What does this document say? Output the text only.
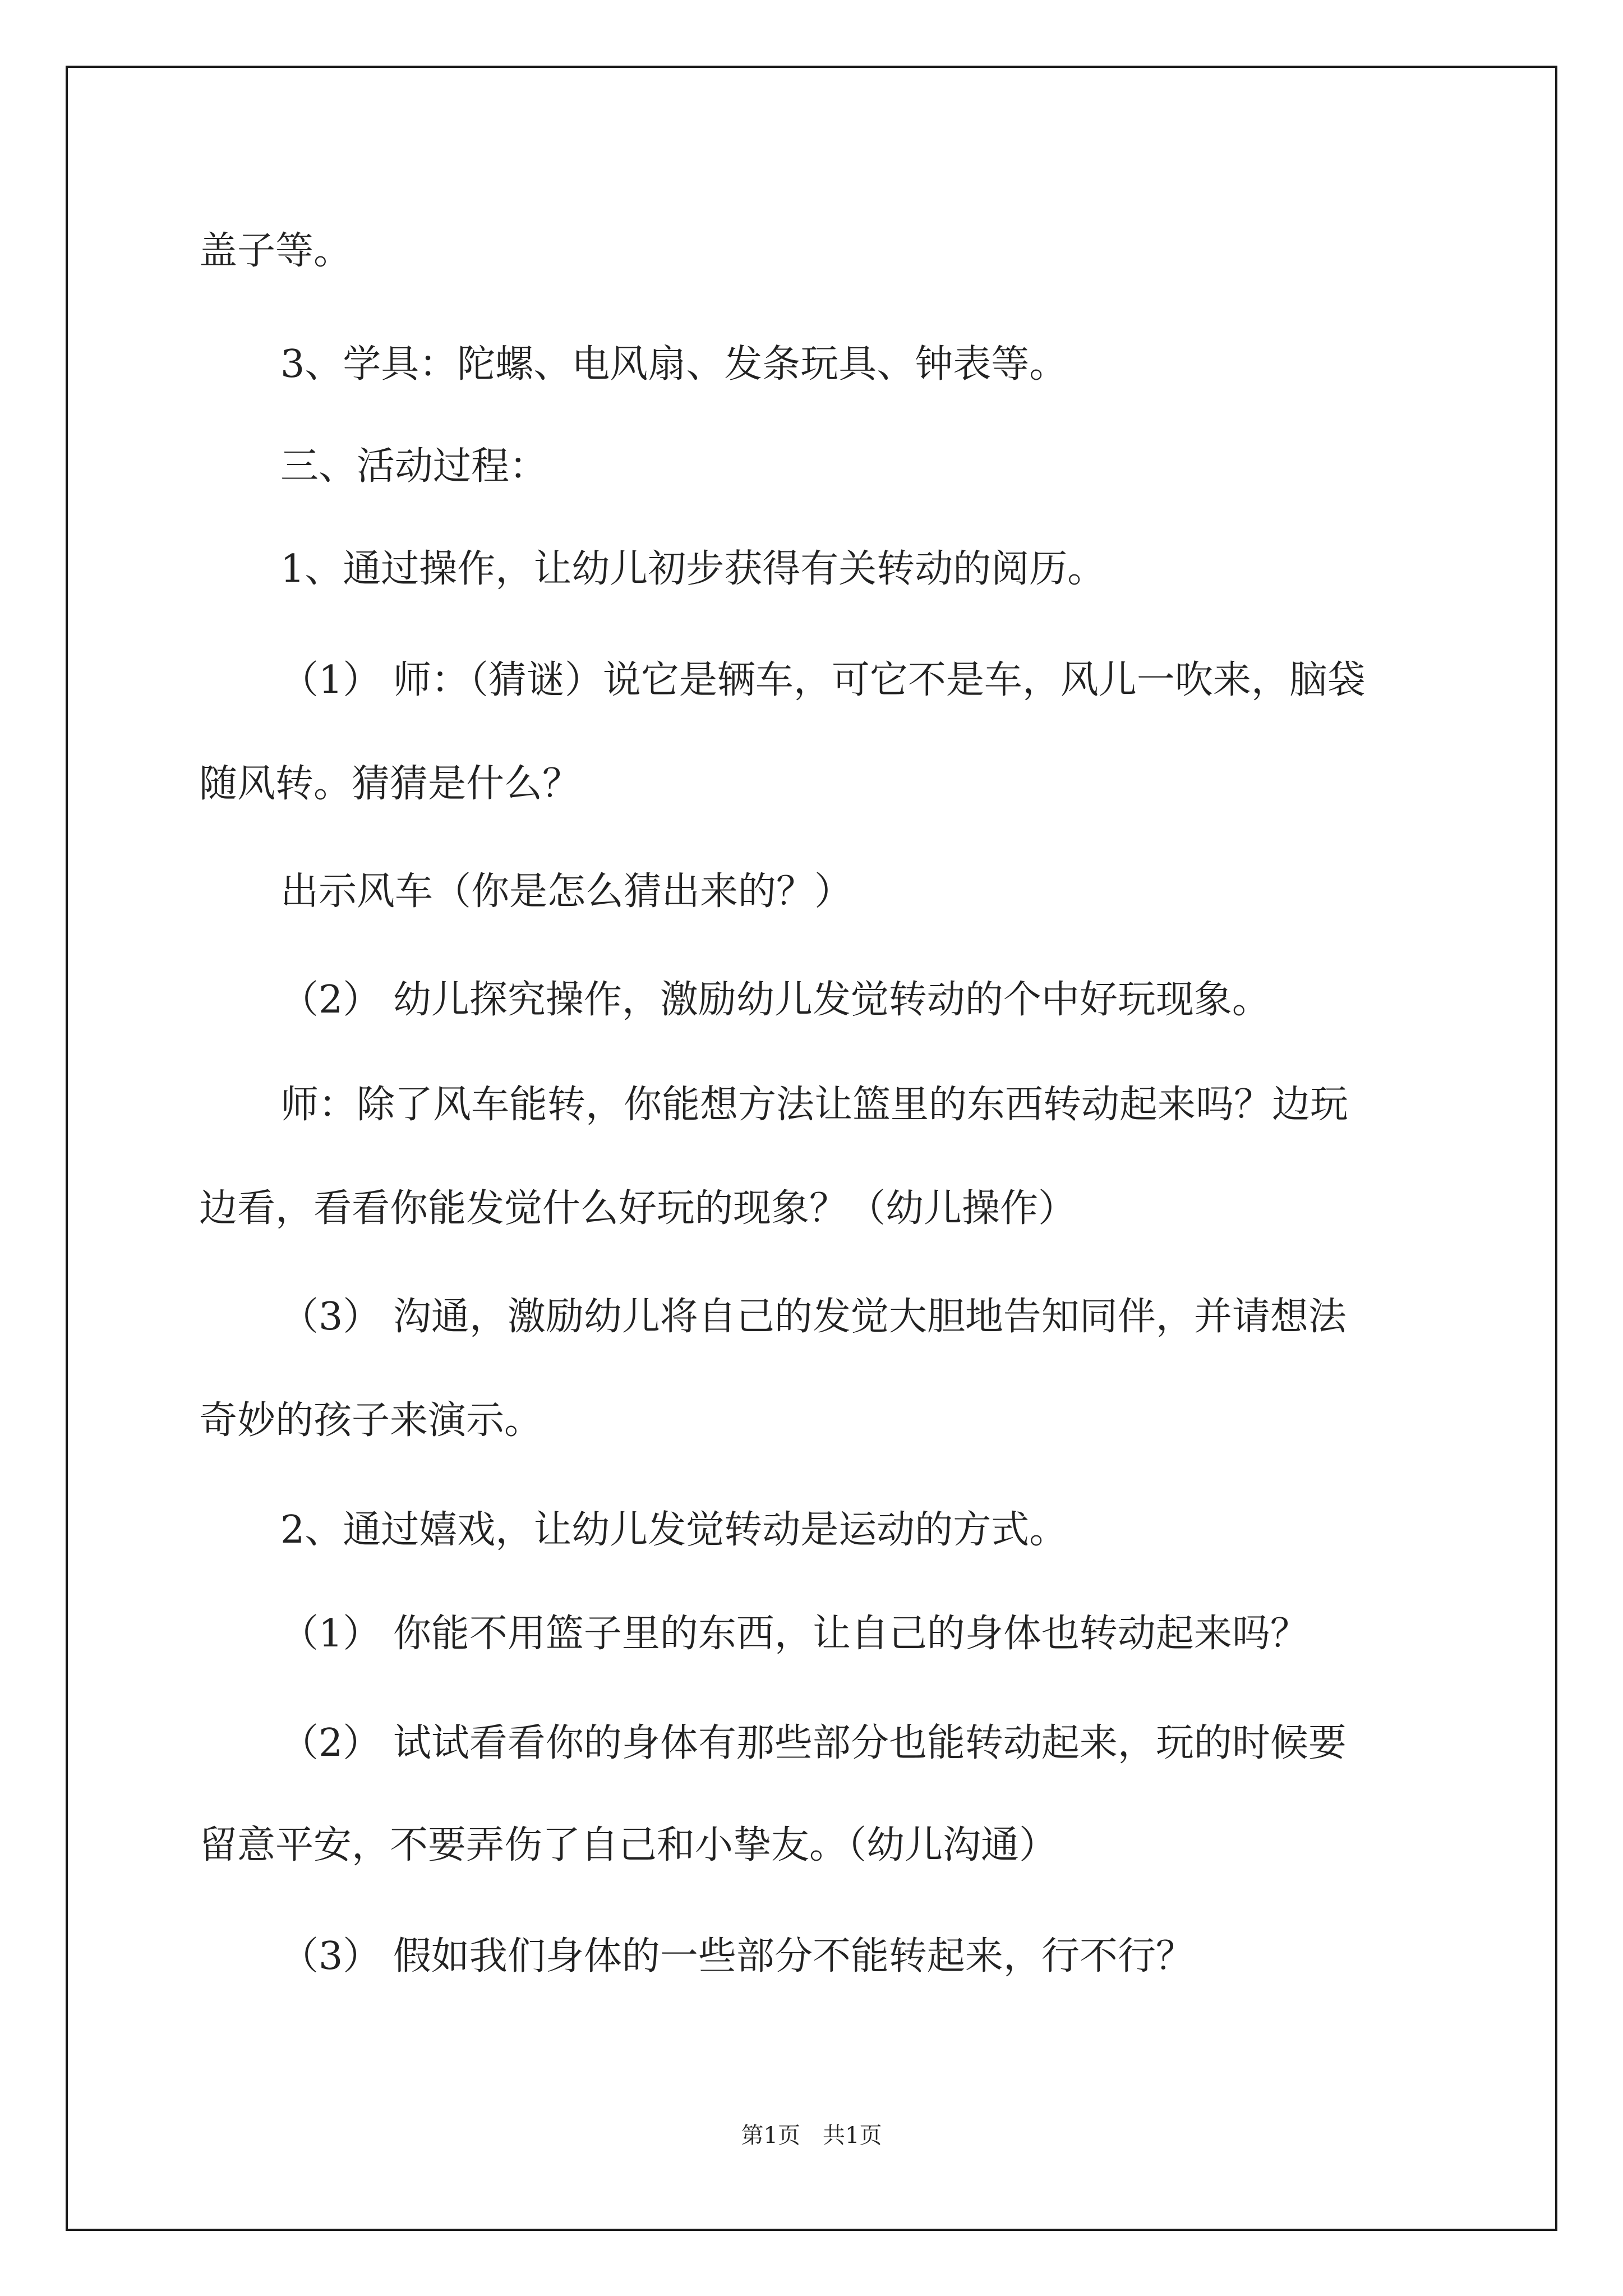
盖子等。
3、学具：陀螺、电风扇、发条玩具、钟表等。
三、活动过程：
1、通过操作，让幼儿初步获得有关转动的阅历。
（1） 师：（猜谜）说它是辆车，可它不是车，风儿一吹来，脑袋
随风转。猜猜是什么？
出示风车（你是怎么猜出来的？）
（2） 幼儿探究操作，激励幼儿发觉转动的个中好玩现象。
师：除了风车能转，你能想方法让篮里的东西转动起来吗？边玩
边看，看看你能发觉什么好玩的现象？（幼儿操作）
（3） 沟通，激励幼儿将自己的发觉大胆地告知同伴，并请想法
奇妙的孩子来演示。
2、通过嬉戏，让幼儿发觉转动是运动的方式。
（1） 你能不用篮子里的东西，让自己的身体也转动起来吗？
（2） 试试看看你的身体有那些部分也能转动起来，玩的时候要
留意平安，不要弄伤了自己和小挚友。（幼儿沟通）
（3） 假如我们身体的一些部分不能转起来，行不行？
第1页　共1页
